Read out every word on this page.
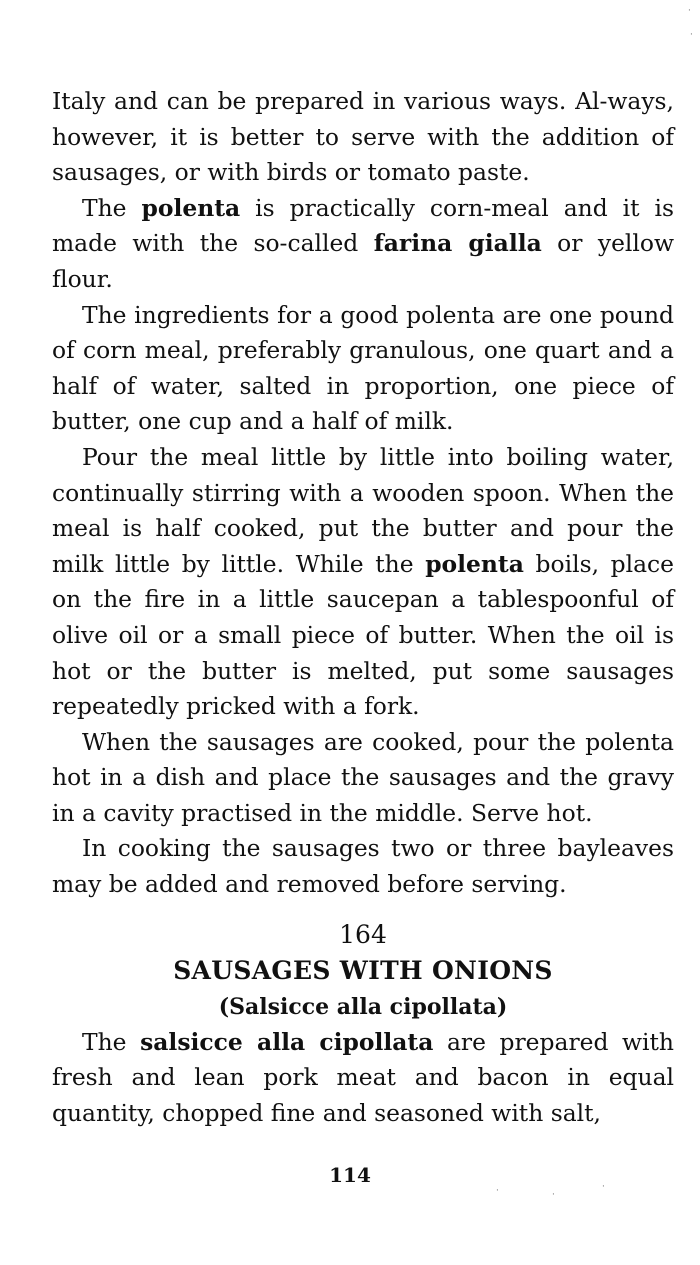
Italy and can be prepared in various ways. Al-ways, however, it is better to serve with the addition of sausages, or with birds or tomato paste.

The polenta is practically corn-meal and it is made with the so-called farina gialla or yellow flour.

The ingredients for a good polenta are one pound of corn meal, preferably granulous, one quart and a half of water, salted in proportion, one piece of butter, one cup and a half of milk.

Pour the meal little by little into boiling water, continually stirring with a wooden spoon. When the meal is half cooked, put the butter and pour the milk little by little. While the polenta boils, place on the fire in a little saucepan a tablespoonful of olive oil or a small piece of butter. When the oil is hot or the butter is melted, put some sausages repeatedly pricked with a fork.

When the sausages are cooked, pour the polenta hot in a dish and place the sausages and the gravy in a cavity practised in the middle. Serve hot.

In cooking the sausages two or three bayleaves may be added and removed before serving.

164
SAUSAGES WITH ONIONS
(Salsicce alla cipollata)

The salsicce alla cipollata are prepared with fresh and lean pork meat and bacon in equal quantity, chopped fine and seasoned with salt,

114
·
·
·	·
·
